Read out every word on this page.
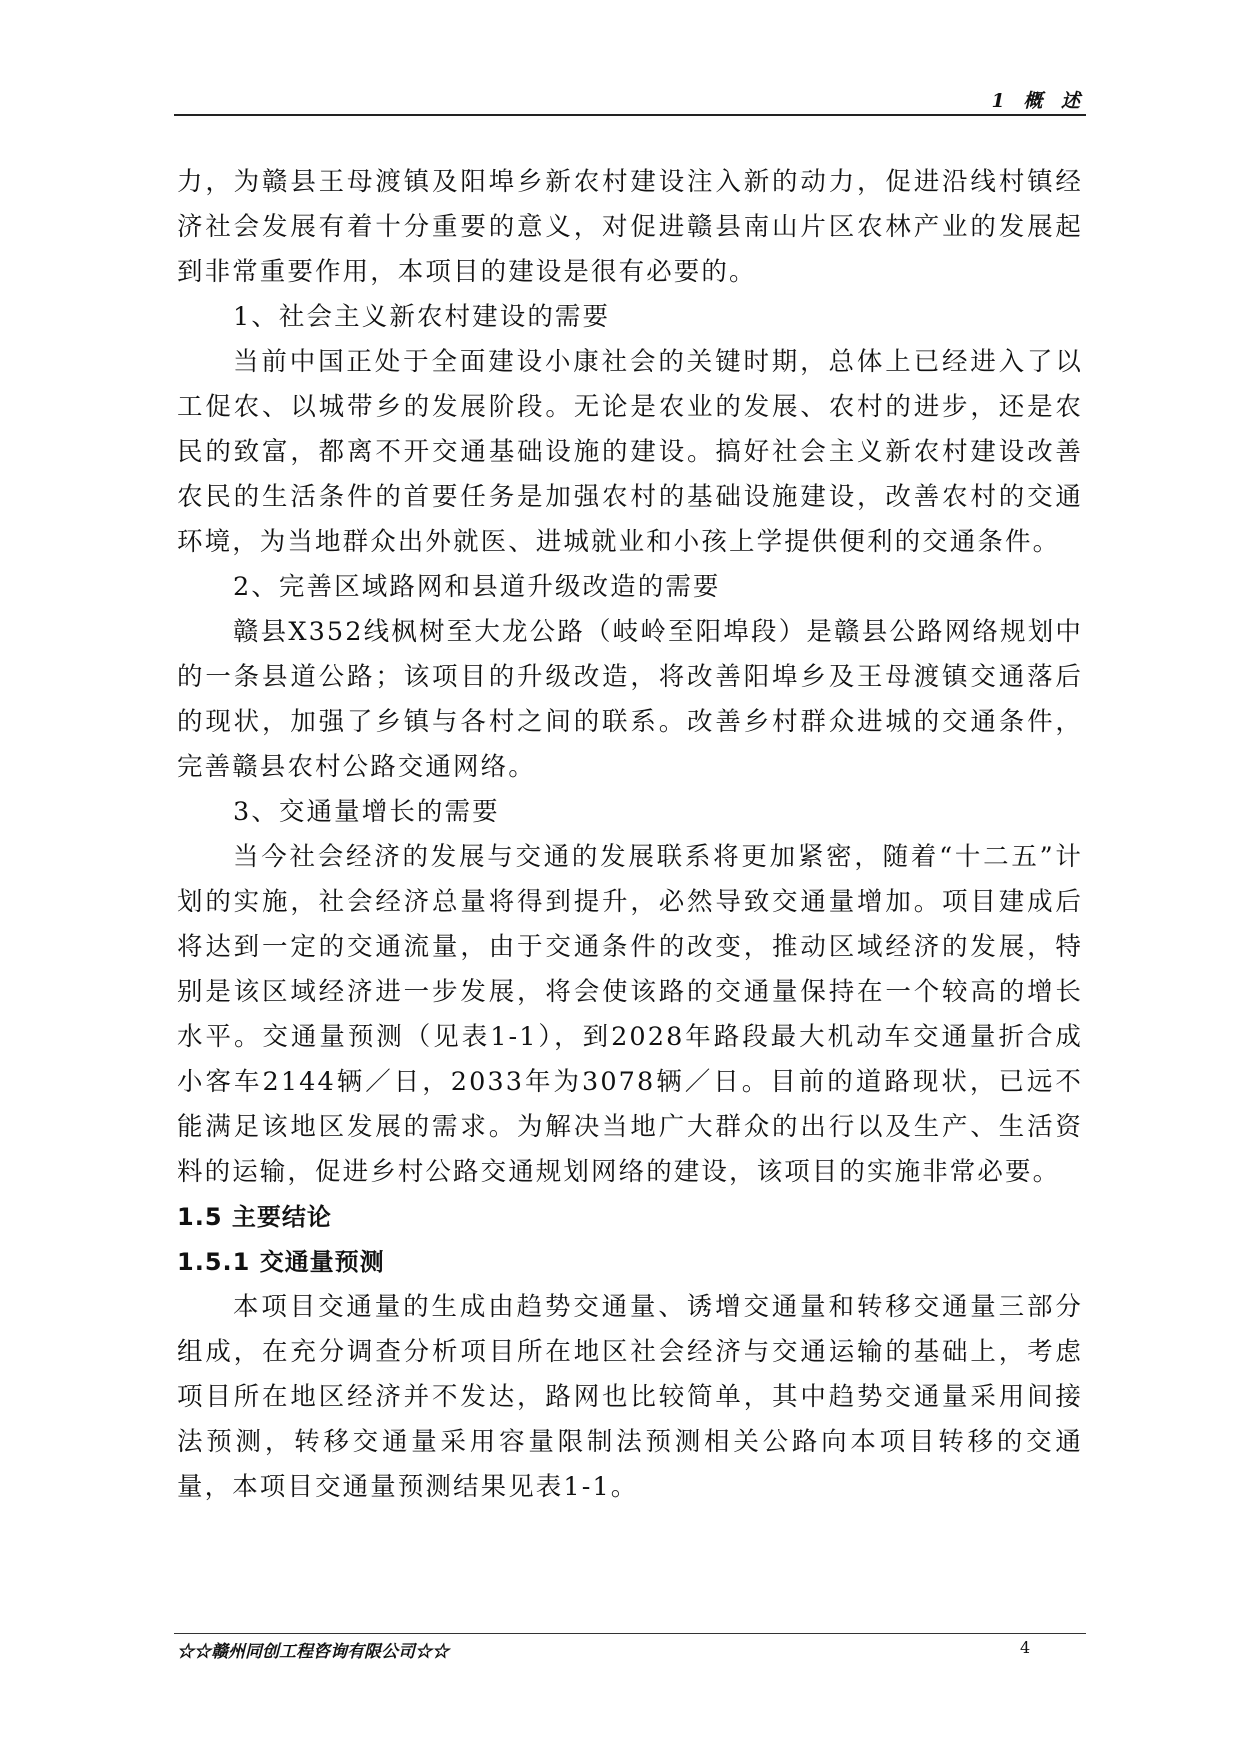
1 概 述

力，为赣县王母渡镇及阳埠乡新农村建设注入新的动力，促进沿线村镇经济社会发展有着十分重要的意义，对促进赣县南山片区农林产业的发展起到非常重要作用，本项目的建设是很有必要的。

1、社会主义新农村建设的需要

当前中国正处于全面建设小康社会的关键时期，总体上已经进入了以工促农、以城带乡的发展阶段。无论是农业的发展、农村的进步，还是农民的致富，都离不开交通基础设施的建设。搞好社会主义新农村建设改善农民的生活条件的首要任务是加强农村的基础设施建设，改善农村的交通环境，为当地群众出外就医、进城就业和小孩上学提供便利的交通条件。

2、完善区域路网和县道升级改造的需要

赣县X352线枫树至大龙公路（岐岭至阳埠段）是赣县公路网络规划中的一条县道公路；该项目的升级改造，将改善阳埠乡及王母渡镇交通落后的现状，加强了乡镇与各村之间的联系。改善乡村群众进城的交通条件，完善赣县农村公路交通网络。

3、交通量增长的需要

当今社会经济的发展与交通的发展联系将更加紧密，随着“十二五”计划的实施，社会经济总量将得到提升，必然导致交通量增加。项目建成后将达到一定的交通流量，由于交通条件的改变，推动区域经济的发展，特别是该区域经济进一步发展，将会使该路的交通量保持在一个较高的增长水平。交通量预测（见表1-1），到2028年路段最大机动车交通量折合成小客车2144辆／日，2033年为3078辆／日。目前的道路现状，已远不能满足该地区发展的需求。为解决当地广大群众的出行以及生产、生活资料的运输，促进乡村公路交通规划网络的建设，该项目的实施非常必要。

1.5 主要结论
1.5.1 交通量预测

本项目交通量的生成由趋势交通量、诱增交通量和转移交通量三部分组成，在充分调查分析项目所在地区社会经济与交通运输的基础上，考虑项目所在地区经济并不发达，路网也比较简单，其中趋势交通量采用间接法预测，转移交通量采用容量限制法预测相关公路向本项目转移的交通量，本项目交通量预测结果见表1-1。

☆☆赣州同创工程咨询有限公司☆☆	4
